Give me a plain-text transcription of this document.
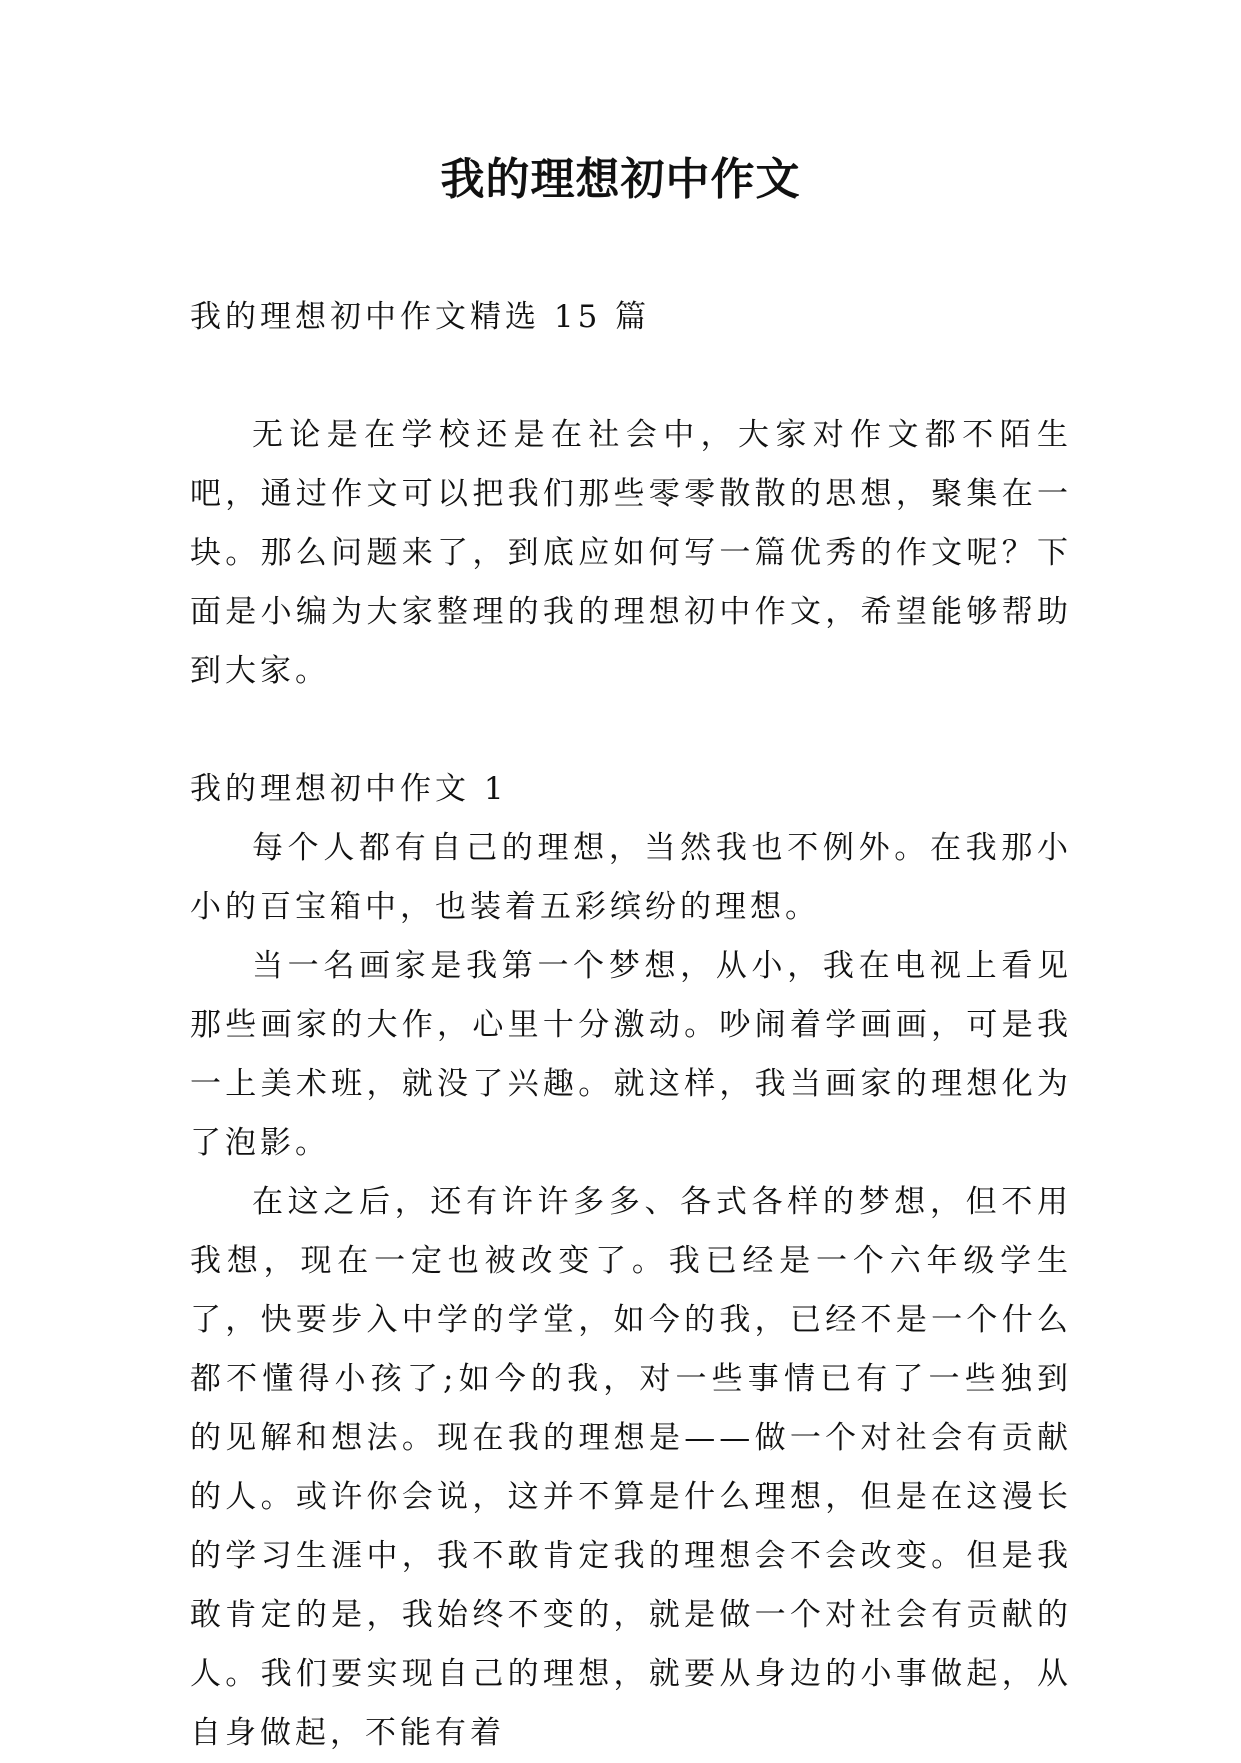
我的理想初中作文

我的理想初中作文精选 15 篇

无论是在学校还是在社会中，大家对作文都不陌生吧，通过作文可以把我们那些零零散散的思想，聚集在一块。那么问题来了，到底应如何写一篇优秀的作文呢？下面是小编为大家整理的我的理想初中作文，希望能够帮助到大家。

我的理想初中作文 1

每个人都有自己的理想，当然我也不例外。在我那小小的百宝箱中，也装着五彩缤纷的理想。

当一名画家是我第一个梦想，从小，我在电视上看见那些画家的大作，心里十分激动。吵闹着学画画，可是我一上美术班，就没了兴趣。就这样，我当画家的理想化为了泡影。

在这之后，还有许许多多、各式各样的梦想，但不用我想，现在一定也被改变了。我已经是一个六年级学生了，快要步入中学的学堂，如今的我，已经不是一个什么都不懂得小孩了;如今的我，对一些事情已有了一些独到的见解和想法。现在我的理想是——做一个对社会有贡献的人。或许你会说，这并不算是什么理想，但是在这漫长的学习生涯中，我不敢肯定我的理想会不会改变。但是我敢肯定的是，我始终不变的，就是做一个对社会有贡献的人。我们要实现自己的理想，就要从身边的小事做起，从自身做起，不能有着
